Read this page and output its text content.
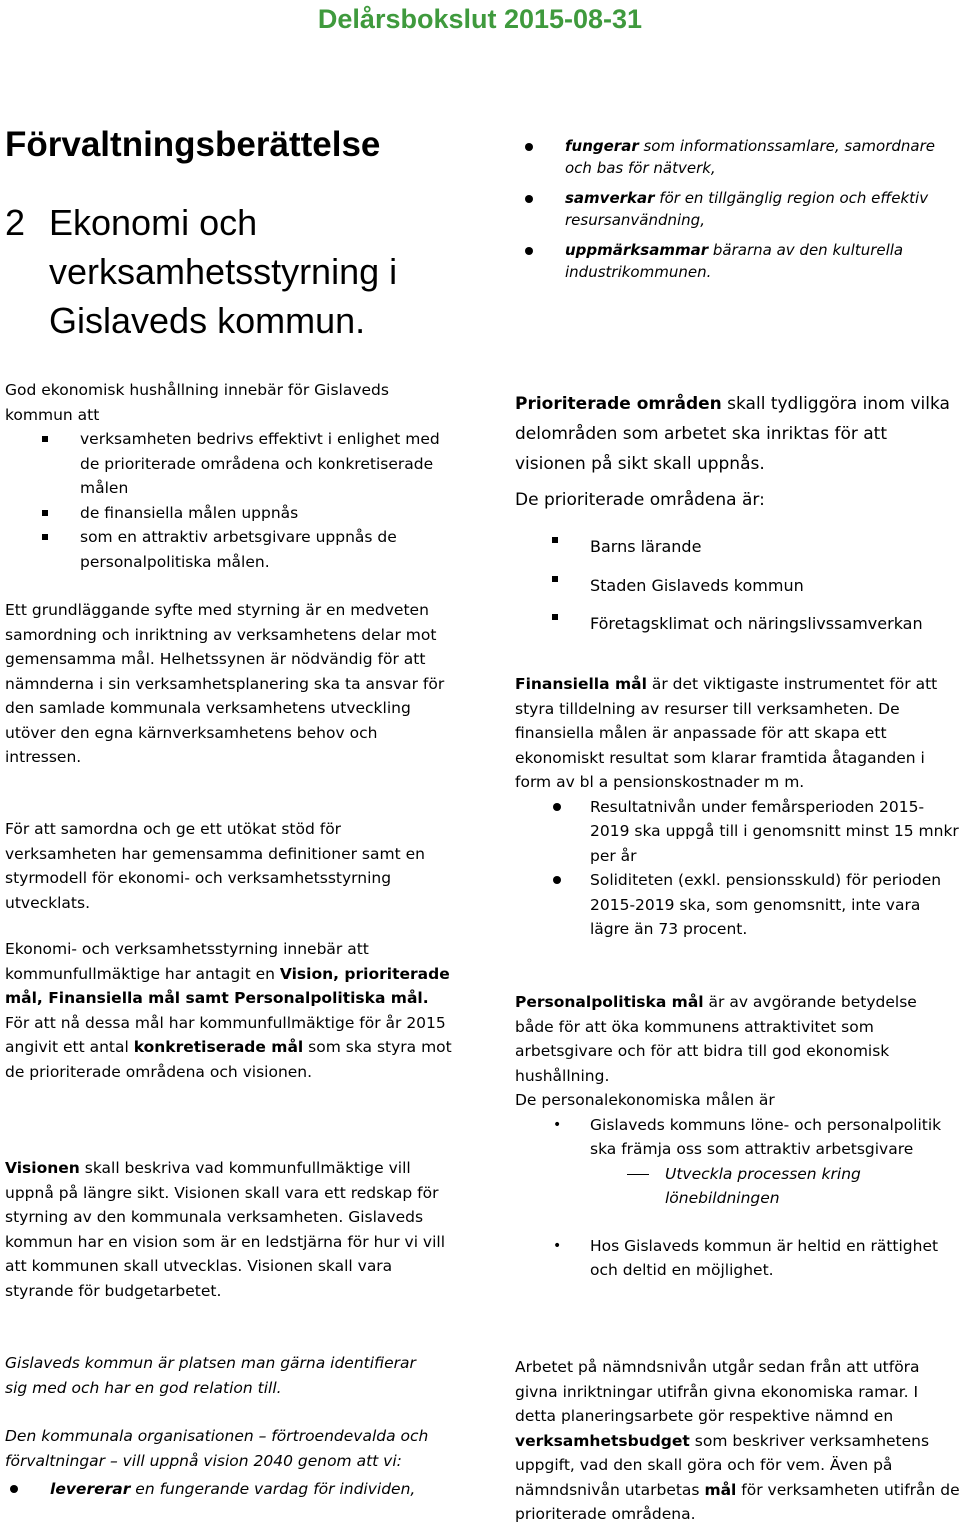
Delårsbokslut 2015-08-31
Förvaltningsberättelse
2 Ekonomi och
verksamhetsstyrning i
Gislaveds kommun.

God ekonomisk hushållning innebär för Gislaveds kommun att

verksamheten bedrivs effektivt i enlighet med de prioriterade områdena och konkretiserade målen
de finansiella målen uppnås
som en attraktiv arbetsgivare uppnås de personalpolitiska målen.

Ett grundläggande syfte med styrning är en medveten samordning och inriktning av verksamhetens delar mot gemensamma mål. Helhetssynen är nödvändig för att nämnderna i sin verksamhetsplanering ska ta ansvar för den samlade kommunala verksamhetens utveckling utöver den egna kärnverksamhetens behov och intressen.

För att samordna och ge ett utökat stöd för verksamheten har gemensamma definitioner samt en styrmodell för ekonomi- och verksamhetsstyrning utvecklats.

Ekonomi- och verksamhetsstyrning innebär att kommunfullmäktige har antagit en Vision, prioriterade mål, Finansiella mål samt Personalpolitiska mål. För att nå dessa mål har kommunfullmäktige för år 2015 angivit ett antal konkretiserade mål som ska styra mot de prioriterade områdena och visionen.

Visionen skall beskriva vad kommunfullmäktige vill uppnå på längre sikt. Visionen skall vara ett redskap för styrning av den kommunala verksamheten. Gislaveds kommun har en vision som är en ledstjärna för hur vi vill att kommunen skall utvecklas. Visionen skall vara styrande för budgetarbetet.

Gislaveds kommun är platsen man gärna identifierar sig med och har en god relation till.

Den kommunala organisationen – förtroendevalda och förvaltningar – vill uppnå vision 2040 genom att vi:

levererar en fungerande vardag för individen,
fungerar som informationssamlare, samordnare och bas för nätverk,
samverkar för en tillgänglig region och effektiv resursanvändning,
uppmärksammar bärarna av den kulturella industrikommunen.

Prioriterade områden skall tydliggöra inom vilka delområden som arbetet ska inriktas för att visionen på sikt skall uppnås.

De prioriterade områdena är:

Barns lärande
Staden Gislaveds kommun
Företagsklimat och näringslivssamverkan

Finansiella mål är det viktigaste instrumentet för att styra tilldelning av resurser till verksamheten. De finansiella målen är anpassade för att skapa ett ekonomiskt resultat som klarar framtida åtaganden i form av bl a pensionskostnader m m.

Resultatnivån under femårsperioden 2015-2019 ska uppgå till i genomsnitt minst 15 mnkr per år
Soliditeten (exkl. pensionsskuld) för perioden 2015-2019 ska, som genomsnitt, inte vara lägre än 73 procent.

Personalpolitiska mål är av avgörande betydelse både för att öka kommunens attraktivitet som arbetsgivare och för att bidra till god ekonomisk hushållning.

De personalekonomiska målen är

• Gislaveds kommuns löne- och personalpolitik ska främja oss som attraktiv arbetsgivare
Utveckla processen kring lönebildningen
• Hos Gislaveds kommun är heltid en rättighet och deltid en möjlighet.

Arbetet på nämndsnivån utgår sedan från att utföra givna inriktningar utifrån givna ekonomiska ramar. I detta planeringsarbete gör respektive nämnd en verksamhetsbudget som beskriver verksamhetens uppgift, vad den skall göra och för vem. Även på nämndsnivån utarbetas mål för verksamheten utifrån de prioriterade områdena.
